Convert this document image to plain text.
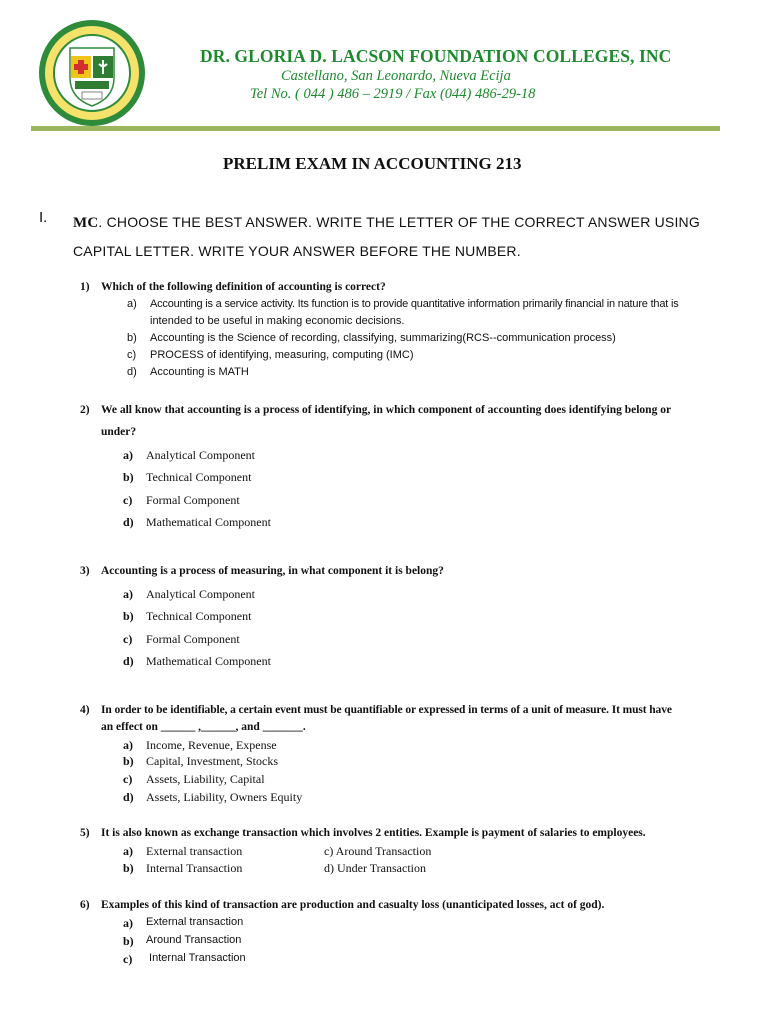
DR. GLORIA D. LACSON FOUNDATION COLLEGES, INC
Castellano, San Leonardo, Nueva Ecija
Tel No. ( 044 ) 486 – 2919 / Fax (044) 486-29-18
PRELIM EXAM IN ACCOUNTING 213
I. MC. CHOOSE THE BEST ANSWER. WRITE THE LETTER OF THE CORRECT ANSWER USING
CAPITAL LETTER. WRITE YOUR ANSWER BEFORE THE NUMBER.
1) Which of the following definition of accounting is correct?
a) Accounting is a service activity. Its function is to provide quantitative information primarily financial in nature that is
intended to be useful in making economic decisions.
b) Accounting is the Science of recording, classifying, summarizing(RCS--communication process)
c) PROCESS of identifying, measuring, computing (IMC)
d) Accounting is MATH
2) We all know that accounting is a process of identifying, in which component of accounting does identifying belong or
under?
a) Analytical Component
b) Technical Component
c) Formal Component
d) Mathematical Component
3) Accounting is a process of measuring, in what component it is belong?
a) Analytical Component
b) Technical Component
c) Formal Component
d) Mathematical Component
4) In order to be identifiable, a certain event must be quantifiable or expressed in terms of a unit of measure. It must have
an effect on ______ ,______, and _______.
a) Income, Revenue, Expense
b) Capital, Investment, Stocks
c) Assets, Liability, Capital
d) Assets, Liability, Owners Equity
5) It is also known as exchange transaction which involves 2 entities. Example is payment of salaries to employees.
a) External transaction	c) Around Transaction
b) Internal Transaction	d) Under Transaction
6) Examples of this kind of transaction are production and casualty loss (unanticipated losses, act of god).
a) External transaction
b) Around Transaction
c) Internal Transaction
